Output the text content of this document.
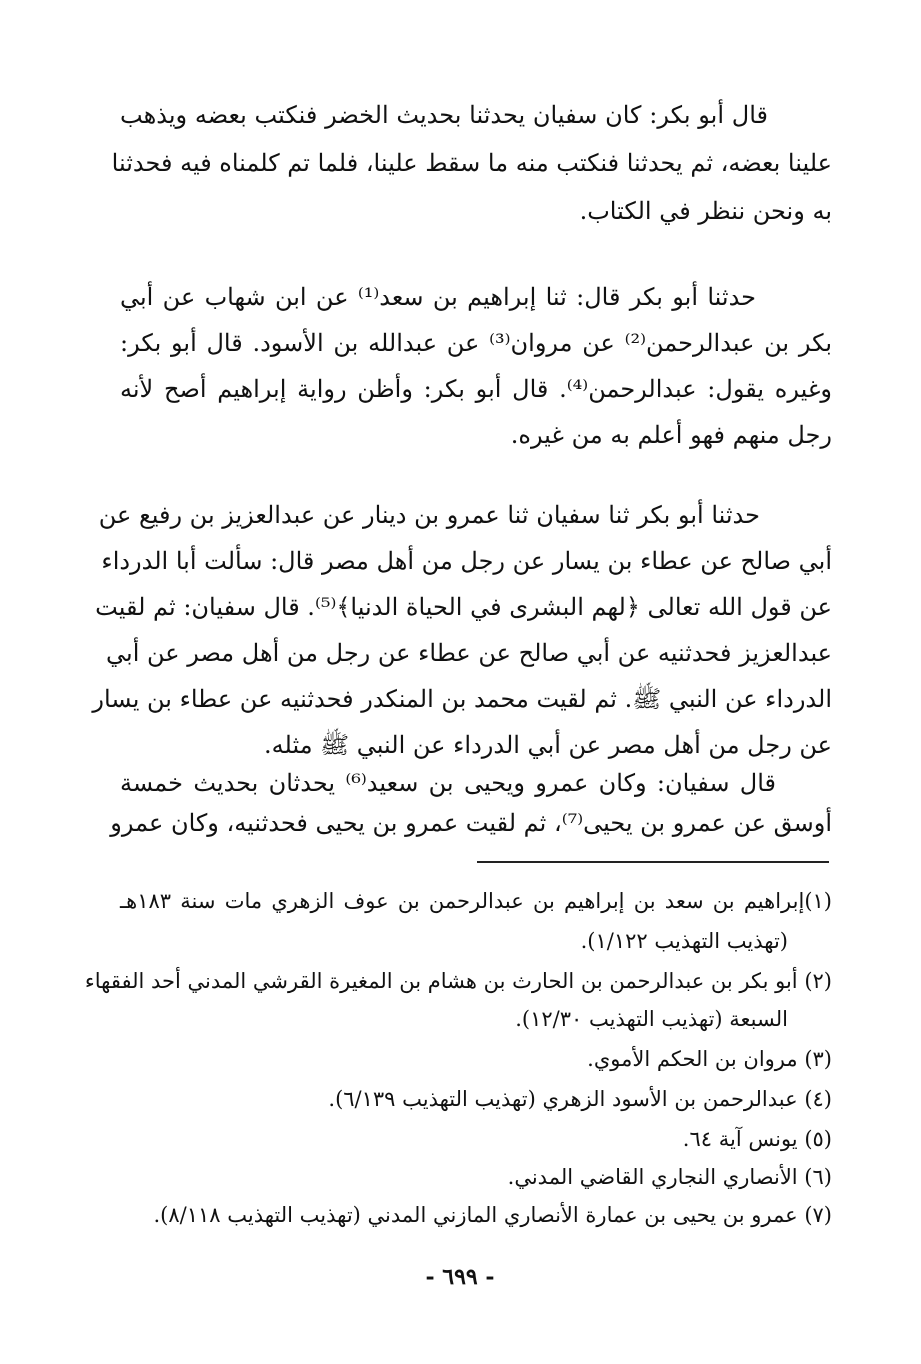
قال أبو بكر: كان سفيان يحدثنا بحديث الخضر فنكتب بعضه ويذهب
علينا بعضه، ثم يحدثنا فنكتب منه ما سقط علينا، فلما تم كلمناه فيه فحدثنا
به ونحن ننظر في الكتاب.
حدثنا أبو بكر قال: ثنا إبراهيم بن سعد⁽¹⁾ عن ابن شهاب عن أبي
بكر بن عبدالرحمن⁽²⁾ عن مروان⁽³⁾ عن عبدالله بن الأسود. قال أبو بكر:
وغيره يقول: عبدالرحمن⁽⁴⁾. قال أبو بكر: وأظن رواية إبراهيم أصح لأنه
رجل منهم فهو أعلم به من غيره.
حدثنا أبو بكر ثنا سفيان ثنا عمرو بن دينار عن عبدالعزيز بن رفيع عن
أبي صالح عن عطاء بن يسار عن رجل من أهل مصر قال: سألت أبا الدرداء
عن قول الله تعالى ﴿لهم البشرى في الحياة الدنيا﴾⁽⁵⁾. قال سفيان: ثم لقيت
عبدالعزيز فحدثنيه عن أبي صالح عن عطاء عن رجل من أهل مصر عن أبي
الدرداء عن النبي ﷺ. ثم لقيت محمد بن المنكدر فحدثنيه عن عطاء بن يسار
عن رجل من أهل مصر عن أبي الدرداء عن النبي ﷺ مثله.
قال سفيان: وكان عمرو ويحيى بن سعيد⁽⁶⁾ يحدثان بحديث خمسة
أوسق عن عمرو بن يحيى⁽⁷⁾، ثم لقيت عمرو بن يحيى فحدثنيه، وكان عمرو
(١)إبراهيم بن سعد بن إبراهيم بن عبدالرحمن بن عوف الزهري مات سنة ١٨٣هـ
(تهذيب التهذيب ١/١٢٢).
(٢) أبو بكر بن عبدالرحمن بن الحارث بن هشام بن المغيرة القرشي المدني أحد الفقهاء
السبعة (تهذيب التهذيب ١٢/٣٠).
(٣) مروان بن الحكم الأموي.
(٤) عبدالرحمن بن الأسود الزهري (تهذيب التهذيب ٦/١٣٩).
(٥) يونس آية ٦٤.
(٦) الأنصاري النجاري القاضي المدني.
(٧) عمرو بن يحيى بن عمارة الأنصاري المازني المدني (تهذيب التهذيب ٨/١١٨).
- ٦٩٩ -
